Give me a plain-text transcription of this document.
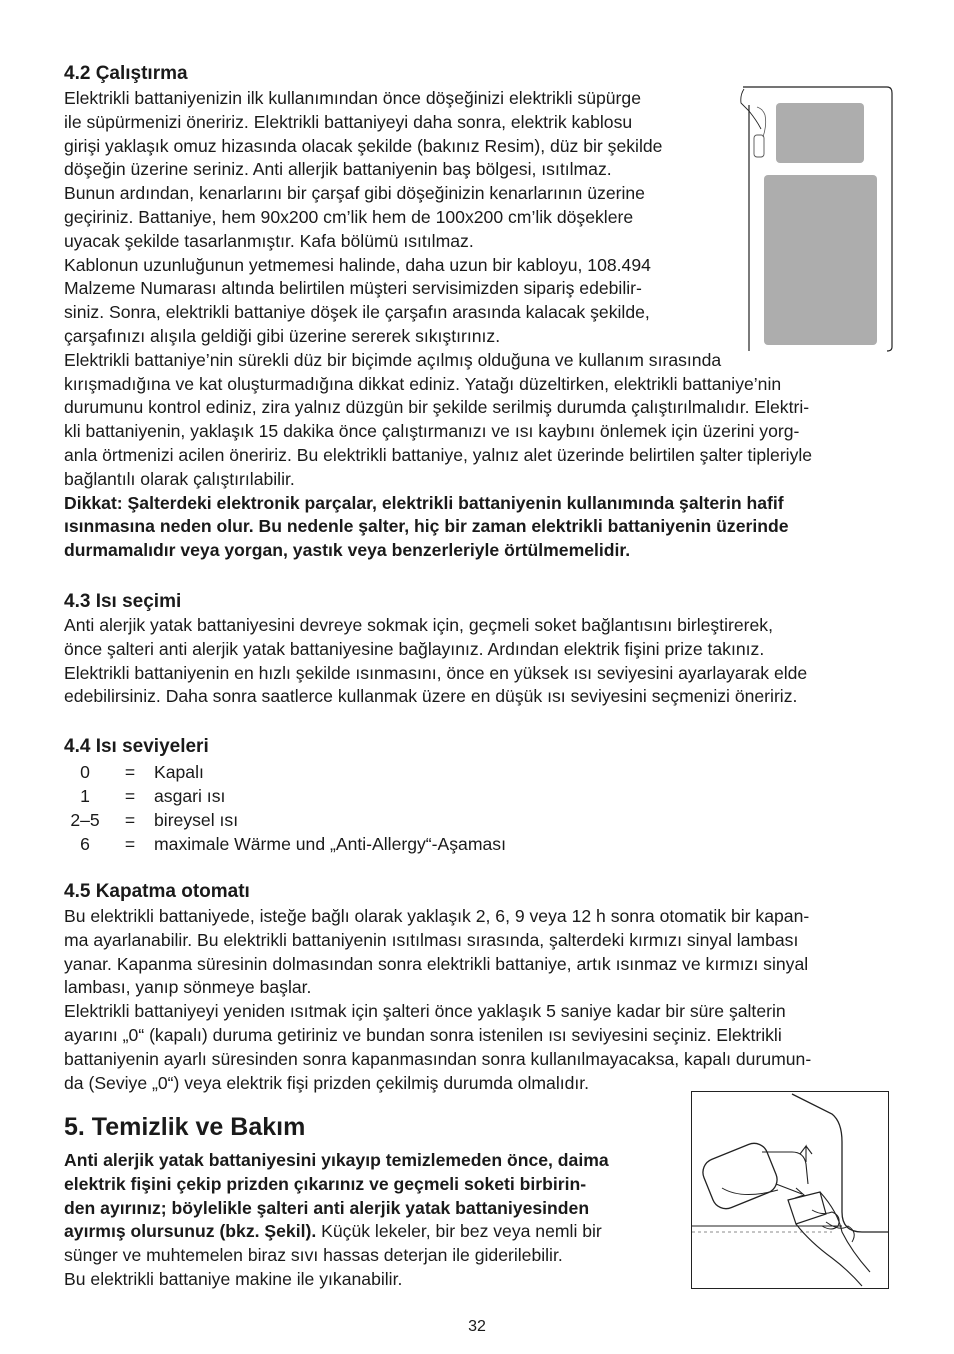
4.2 Çalıştırma
Elektrikli battaniyenizin ilk kullanımından önce döşeğinizi elektrikli süpürge
ile süpürmenizi öneririz. Elektrikli battaniyeyi daha sonra, elektrik kablosu
girişi yaklaşık omuz hizasında olacak şekilde (bakınız Resim), düz bir şekilde
döşeğin üzerine seriniz. Anti allerjik battaniyenin baş bölgesi, ısıtılmaz.
Bunun ardından, kenarlarını bir çarşaf gibi döşeğinizin kenarlarının üzerine
geçiriniz. Battaniye, hem 90x200 cm’lik hem de 100x200 cm’lik döşeklere
uyacak şekilde tasarlanmıştır. Kafa bölümü ısıtılmaz.
Kablonun uzunluğunun yetmemesi halinde, daha uzun bir kabloyu, 108.494
Malzeme Numarası altında belirtilen müşteri servisimizden sipariş edebilir-
siniz. Sonra, elektrikli battaniye döşek ile çarşafın arasında kalacak şekilde,
çarşafınızı alışıla geldiği gibi üzerine sererek sıkıştırınız.
Elektrikli battaniye’nin sürekli düz bir biçimde açılmış olduğuna ve kullanım sırasında
kırışmadığına ve kat oluşturmadığına dikkat ediniz. Yatağı düzeltirken, elektrikli battaniye’nin
durumunu kontrol ediniz, zira yalnız düzgün bir şekilde serilmiş durumda çalıştırılmalıdır. Elektri-
kli battaniyenin, yaklaşık 15 dakika önce çalıştırmanızı ve ısı kaybını önlemek için üzerini yorg-
anla örtmenizi acilen öneririz. Bu elektrikli battaniye, yalnız alet üzerinde belirtilen şalter tipleriyle
bağlantılı olarak çalıştırılabilir.
Dikkat: Şalterdeki elektronik parçalar, elektrikli battaniyenin kullanımında şalterin hafif
ısınmasına neden olur. Bu nedenle şalter, hiç bir zaman elektrikli battaniyenin üzerinde
durmamalıdır veya yorgan, yastık veya benzerleriyle örtülmemelidir.
4.3 Isı seçimi
Anti alerjik yatak battaniyesini devreye sokmak için, geçmeli soket bağlantısını birleştirerek,
önce şalteri anti alerjik yatak battaniyesine bağlayınız. Ardından elektrik fişini prize takınız.
Elektrikli battaniyenin en hızlı şekilde ısınmasını, önce en yüksek ısı seviyesini ayarlayarak elde
edebilirsiniz. Daha sonra saatlerce kullanmak üzere en düşük ısı seviyesini seçmenizi öneririz.
4.4 Isı seviyeleri
0	=	Kapalı
1	=	asgari ısı
2–5	=	bireysel ısı
6	=	maximale Wärme und „Anti-Allergy“-Aşaması
4.5 Kapatma otomatı
Bu elektrikli battaniyede, isteğe bağlı olarak yaklaşık 2, 6, 9 veya 12 h sonra otomatik bir kapan-
ma ayarlanabilir. Bu elektrikli battaniyenin ısıtılması sırasında, şalterdeki kırmızı sinyal lambası
yanar. Kapanma süresinin dolmasından sonra elektrikli battaniye, artık ısınmaz ve kırmızı sinyal
lambası, yanıp sönmeye başlar.
Elektrikli battaniyeyi yeniden ısıtmak için şalteri önce yaklaşık 5 saniye kadar bir süre şalterin
ayarını „0“ (kapalı) duruma getiriniz ve bundan sonra istenilen ısı seviyesini seçiniz. Elektrikli
battaniyenin ayarlı süresinden sonra kapanmasından sonra kullanılmayacaksa, kapalı durumun-
da (Seviye „0“) veya elektrik fişi prizden çekilmiş durumda olmalıdır.
5. Temizlik ve Bakım
Anti alerjik yatak battaniyesini yıkayıp temizlemeden önce, daima
elektrik fişini çekip prizden çıkarınız ve geçmeli soketi birbirin-
den ayırınız; böylelikle şalteri anti alerjik yatak battaniyesinden
ayırmış olursunuz (bkz. Şekil). Küçük lekeler, bir bez veya nemli bir
sünger ve muhtemelen biraz sıvı hassas deterjan ile giderilebilir.
Bu elektrikli battaniye makine ile yıkanabilir.
32
